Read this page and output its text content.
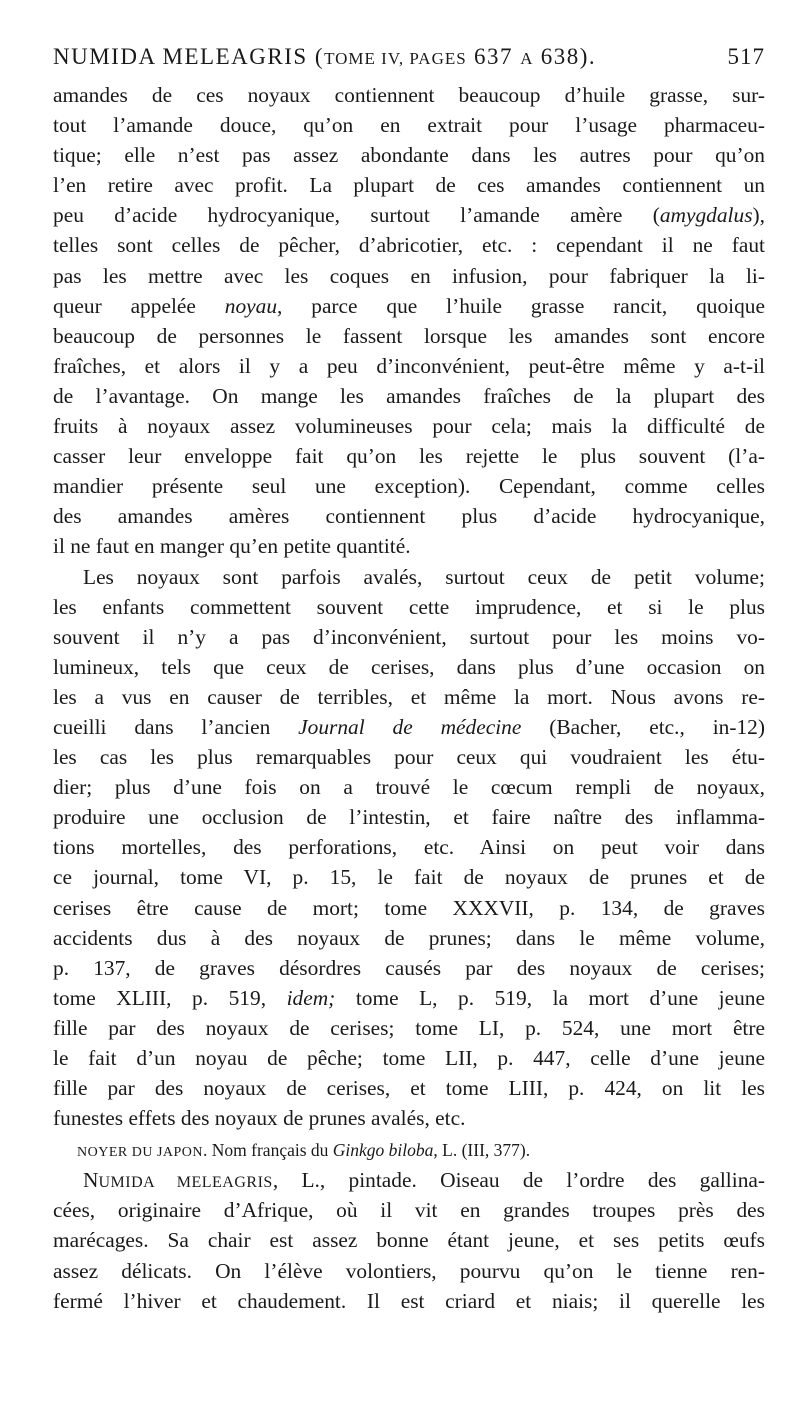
NUMIDA MELEAGRIS (TOME IV, PAGES 637 A 638).	517
amandes de ces noyaux contiennent beaucoup d’huile grasse, sur-
tout l’amande douce, qu’on en extrait pour l’usage pharmaceu-
tique; elle n’est pas assez abondante dans les autres pour qu’on
l’en retire avec profit. La plupart de ces amandes contiennent un
peu d’acide hydrocyanique, surtout l’amande amère (amygdalus),
telles sont celles de pêcher, d’abricotier, etc. : cependant il ne faut
pas les mettre avec les coques en infusion, pour fabriquer la li-
queur appelée noyau, parce que l’huile grasse rancit, quoique
beaucoup de personnes le fassent lorsque les amandes sont encore
fraîches, et alors il y a peu d’inconvénient, peut-être même y a-t-il
de l’avantage. On mange les amandes fraîches de la plupart des
fruits à noyaux assez volumineuses pour cela; mais la difficulté de
casser leur enveloppe fait qu’on les rejette le plus souvent (l’a-
mandier présente seul une exception). Cependant, comme celles
des amandes amères contiennent plus d’acide hydrocyanique,
il ne faut en manger qu’en petite quantité.
Les noyaux sont parfois avalés, surtout ceux de petit volume;
les enfants commettent souvent cette imprudence, et si le plus
souvent il n’y a pas d’inconvénient, surtout pour les moins vo-
lumineux, tels que ceux de cerises, dans plus d’une occasion on
les a vus en causer de terribles, et même la mort. Nous avons re-
cueilli dans l’ancien Journal de médecine (Bacher, etc., in-12)
les cas les plus remarquables pour ceux qui voudraient les étu-
dier; plus d’une fois on a trouvé le cœcum rempli de noyaux,
produire une occlusion de l’intestin, et faire naître des inflamma-
tions mortelles, des perforations, etc. Ainsi on peut voir dans
ce journal, tome VI, p. 15, le fait de noyaux de prunes et de
cerises être cause de mort; tome XXXVII, p. 134, de graves
accidents dus à des noyaux de prunes; dans le même volume,
p. 137, de graves désordres causés par des noyaux de cerises;
tome XLIII, p. 519, idem; tome L, p. 519, la mort d’une jeune
fille par des noyaux de cerises; tome LI, p. 524, une mort être
le fait d’un noyau de pêche; tome LII, p. 447, celle d’une jeune
fille par des noyaux de cerises, et tome LIII, p. 424, on lit les
funestes effets des noyaux de prunes avalés, etc.
NOYER DU JAPON. Nom français du Ginkgo biloba, L. (III, 377).
NUMIDA MELEAGRIS, L., pintade. Oiseau de l’ordre des gallina-
cées, originaire d’Afrique, où il vit en grandes troupes près des
marécages. Sa chair est assez bonne étant jeune, et ses petits œufs
assez délicats. On l’élève volontiers, pourvu qu’on le tienne ren-
fermé l’hiver et chaudement. Il est criard et niais; il querelle les
